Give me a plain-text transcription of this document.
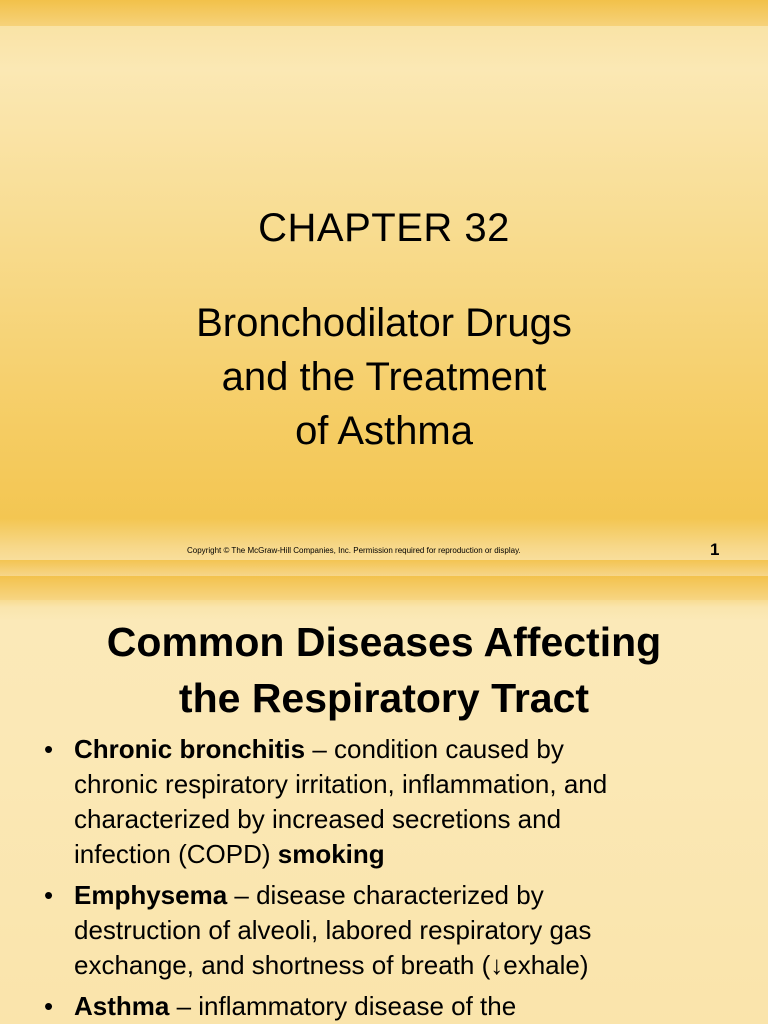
CHAPTER 32
Bronchodilator Drugs
and the Treatment
of Asthma

Copyright © The McGraw-Hill Companies, Inc. Permission required for reproduction or display.	1

Common Diseases Affecting
the Respiratory Tract
• Chronic bronchitis – condition caused by
chronic respiratory irritation, inflammation, and
characterized by increased secretions and
infection (COPD) smoking
• Emphysema – disease characterized by
destruction of alveoli, labored respiratory gas
exchange, and shortness of breath (↓exhale)
• Asthma – inflammatory disease of the
